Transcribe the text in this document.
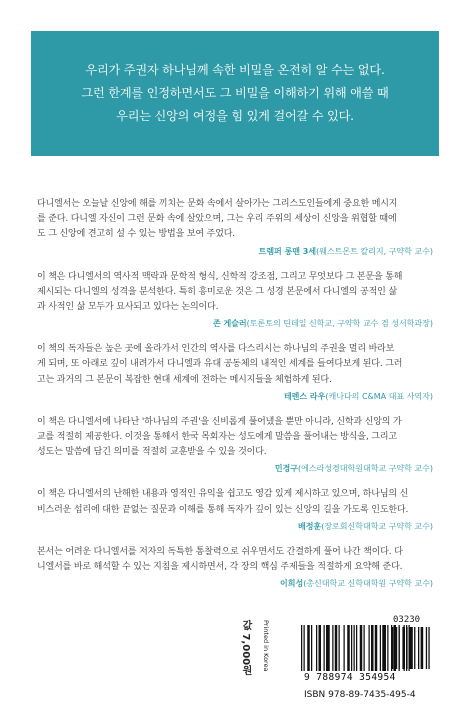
우리가 주권자 하나님께 속한 비밀을 온전히 알 수는 없다.
그런 한계를 인정하면서도 그 비밀을 이해하기 위해 애쓸 때
우리는 신앙의 여정을 힘 있게 걸어갈 수 있다.
다니엘서는 오늘날 신앙에 해를 끼치는 문화 속에서 살아가는 그리스도인들에게 중요한 메시지
를 준다. 다니엘 자신이 그런 문화 속에 살았으며, 그는 우리 주위의 세상이 신앙을 위협할 때에
도 그 신앙에 견고히 설 수 있는 방법을 보여 주었다.
트렘퍼 롱맨 3세(웨스트몬트 칼리지, 구약학 교수)
이 책은 다니엘서의 역사적 맥락과 문학적 형식, 신학적 강조점, 그리고 무엇보다 그 본문을 통해
제시되는 다니엘의 성격을 분석한다. 특히 흥미로운 것은 그 성경 본문에서 다니엘의 공적인 삶
과 사적인 삶 모두가 묘사되고 있다는 논의이다.
존 게슬러(토론토의 틴데일 신학교, 구약학 교수 겸 성서학과장)
이 책의 독자들은 높은 곳에 올라가서 인간의 역사를 다스리시는 하나님의 주권을 멀리 바라보
게 되며, 또 아래로 깊이 내려가서 다니엘과 유대 공동체의 내적인 세계를 들여다보게 된다. 그러
고는 과거의 그 본문이 복잡한 현대 세계에 전하는 메시지들을 체험하게 된다.
테렌스 라우(캐나다의 C&MA 대표 사역자)
이 책은 다니엘서에 나타난 '하나님의 주권'을 신비롭게 풀어냈을 뿐만 아니라, 신학과 신앙의 가
교를 적절히 제공한다. 이것을 통해서 한국 목회자는 성도에게 말씀을 풀어내는 방식을, 그리고
성도는 말씀에 담긴 의미를 적절히 교훈받을 수 있을 것이다.
민경구(에스라성경대학원대학교 구약학 교수)
이 책은 다니엘서의 난해한 내용과 영적인 유익을 쉽고도 영감 있게 제시하고 있으며, 하나님의 신
비스러운 섭리에 대한 끝없는 질문과 이해를 통해 독자가 깊이 있는 신앙의 길을 가도록 인도한다.
배정훈(장로회신학대학교 구약학 교수)
본서는 어려운 다니엘서를 저자의 독특한 통찰력으로 쉬우면서도 간결하게 풀어 나간 책이다. 다
니엘서를 바로 해석할 수 있는 지침을 제시하면서, 각 장의 핵심 주제들을 적절하게 요약해 준다.
이희성(총신대학교 신학대학원 구약학 교수)
값 7,000원	Printed in Korea	03230
9 788974 354954
ISBN 978-89-7435-495-4
